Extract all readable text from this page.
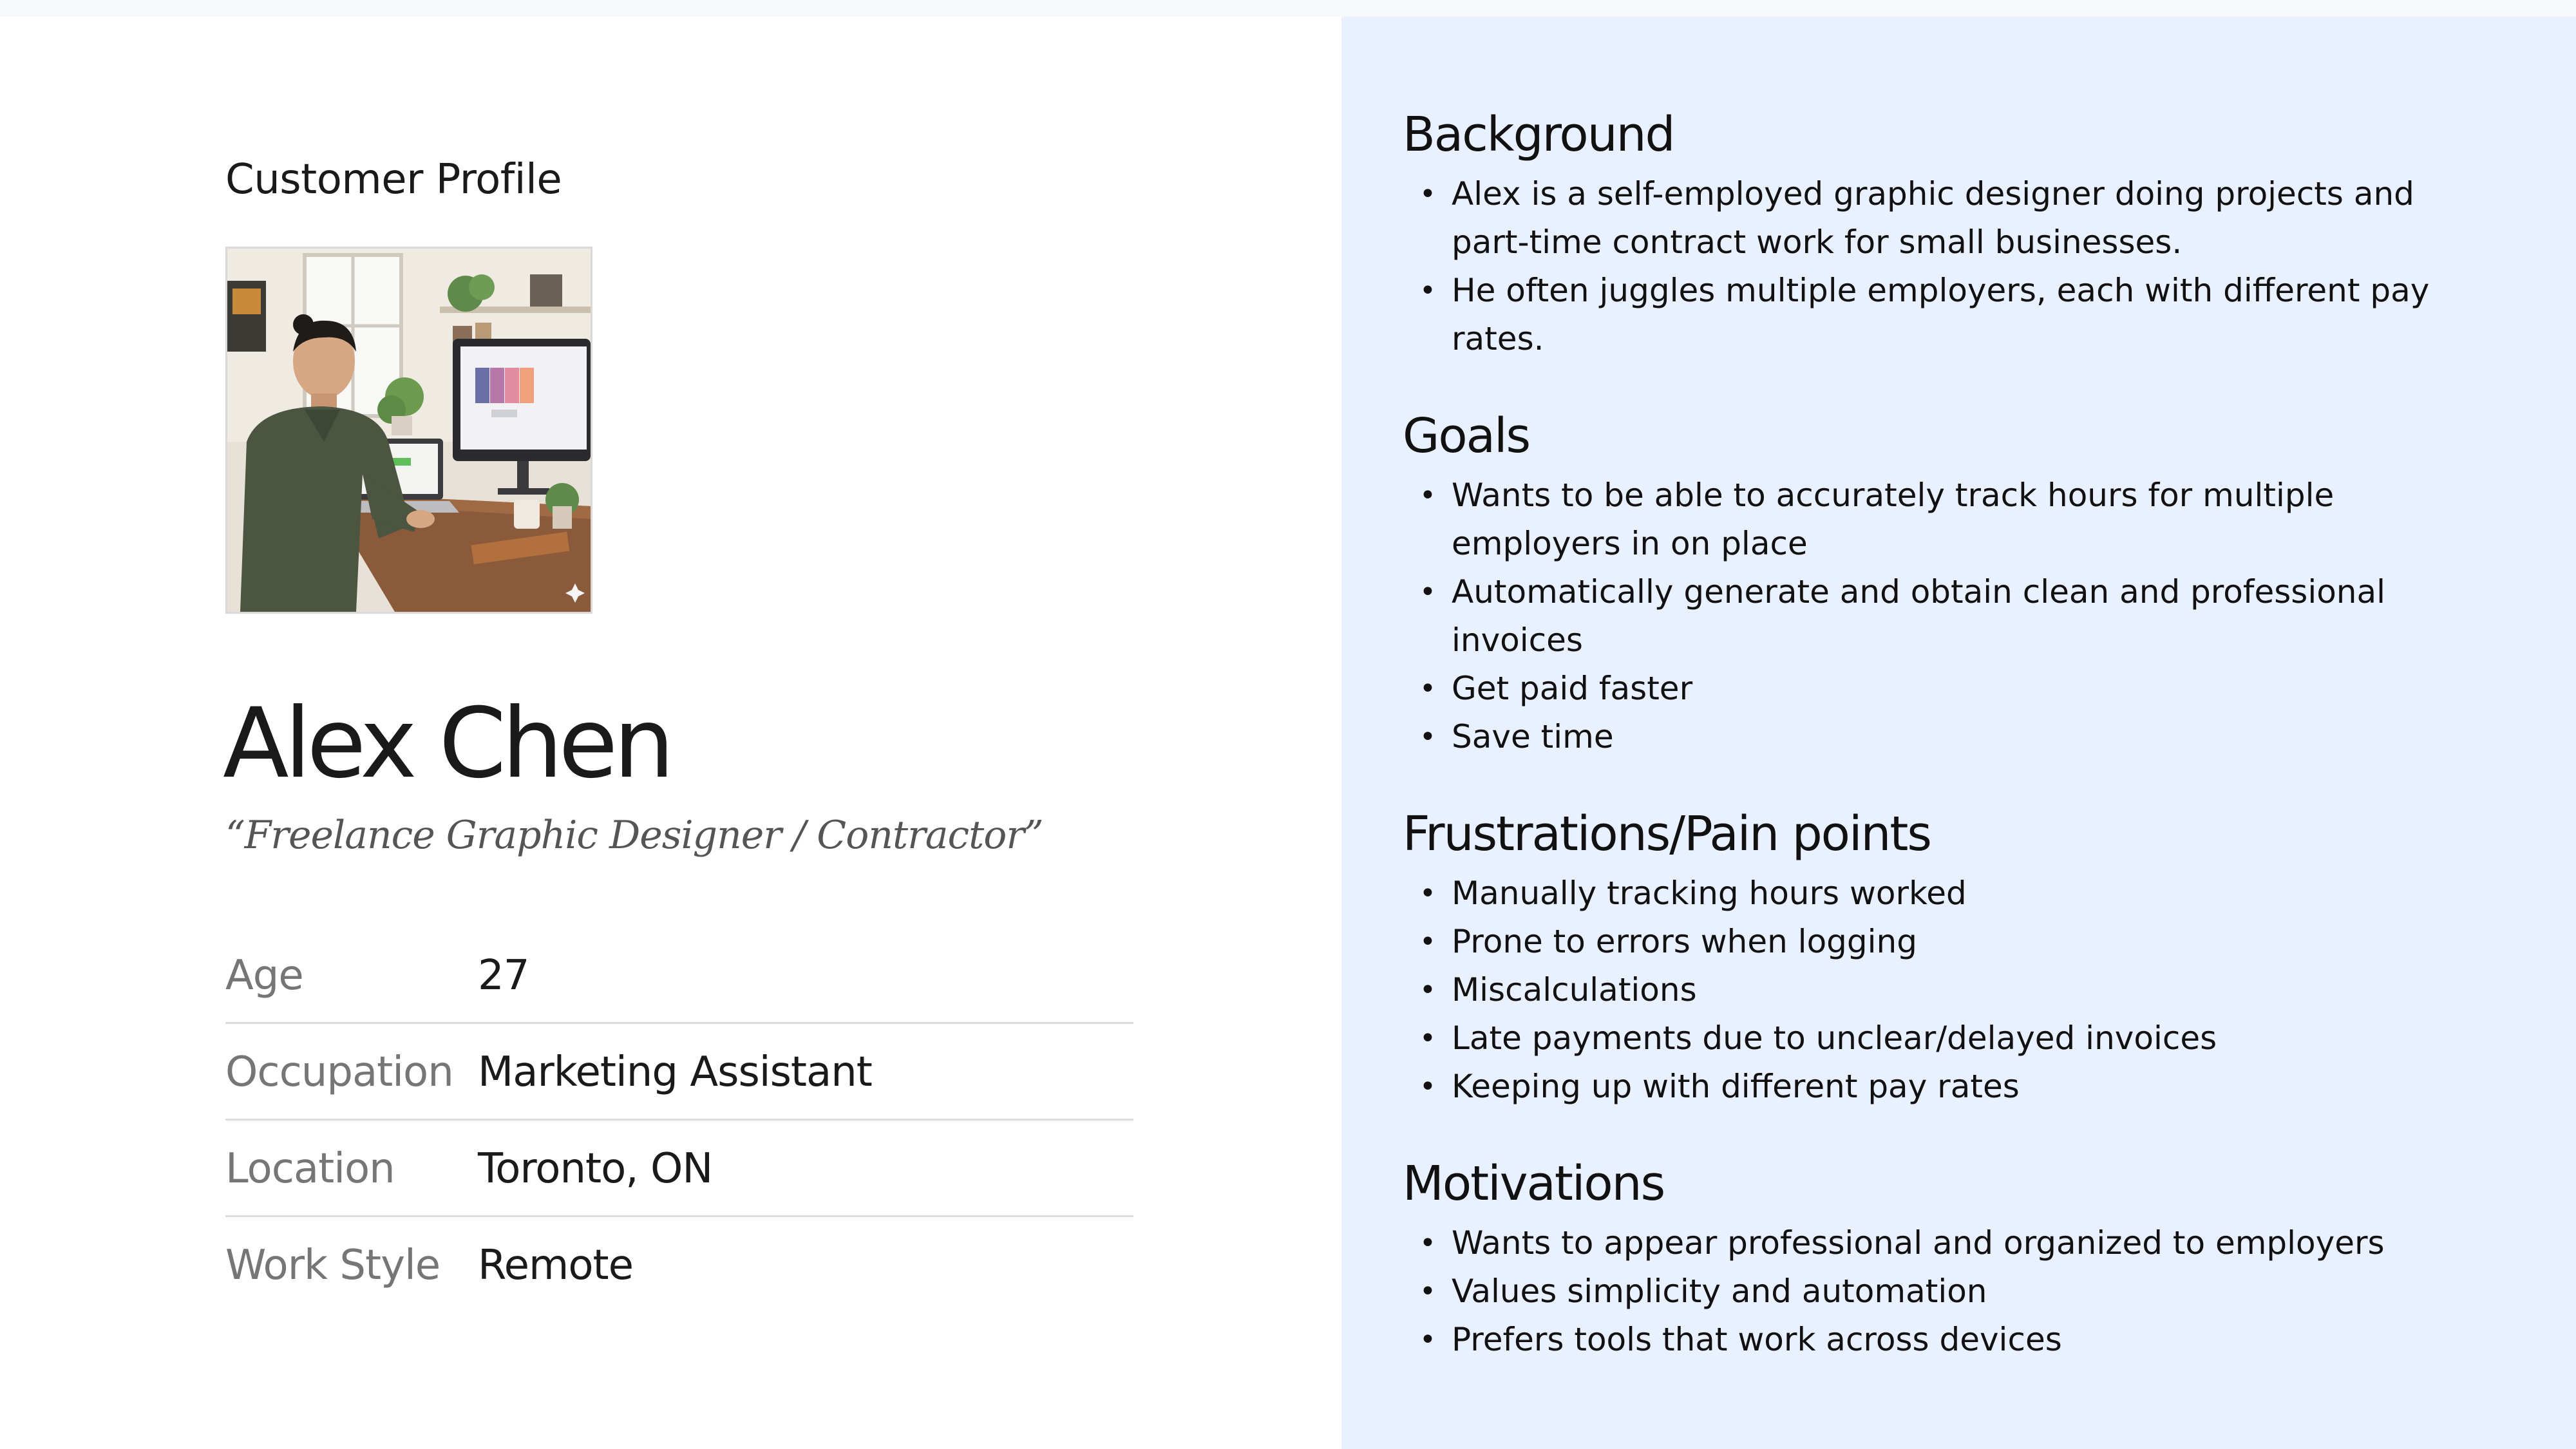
Customer Profile
Alex Chen
“Freelance Graphic Designer / Contractor”
Age	27
Occupation Marketing Assistant
Location Toronto, ON
Work Style Remote
Background
• Alex is a self-employed graphic designer doing projects and part-time contract work for small businesses.
• He often juggles multiple employers, each with different pay rates.
Goals
• Wants to be able to accurately track hours for multiple employers in on place
• Automatically generate and obtain clean and professional invoices
• Get paid faster
• Save time
Frustrations/Pain points
• Manually tracking hours worked
• Prone to errors when logging
• Miscalculations
• Late payments due to unclear/delayed invoices
• Keeping up with different pay rates
Motivations
• Wants to appear professional and organized to employers
• Values simplicity and automation
• Prefers tools that work across devices
